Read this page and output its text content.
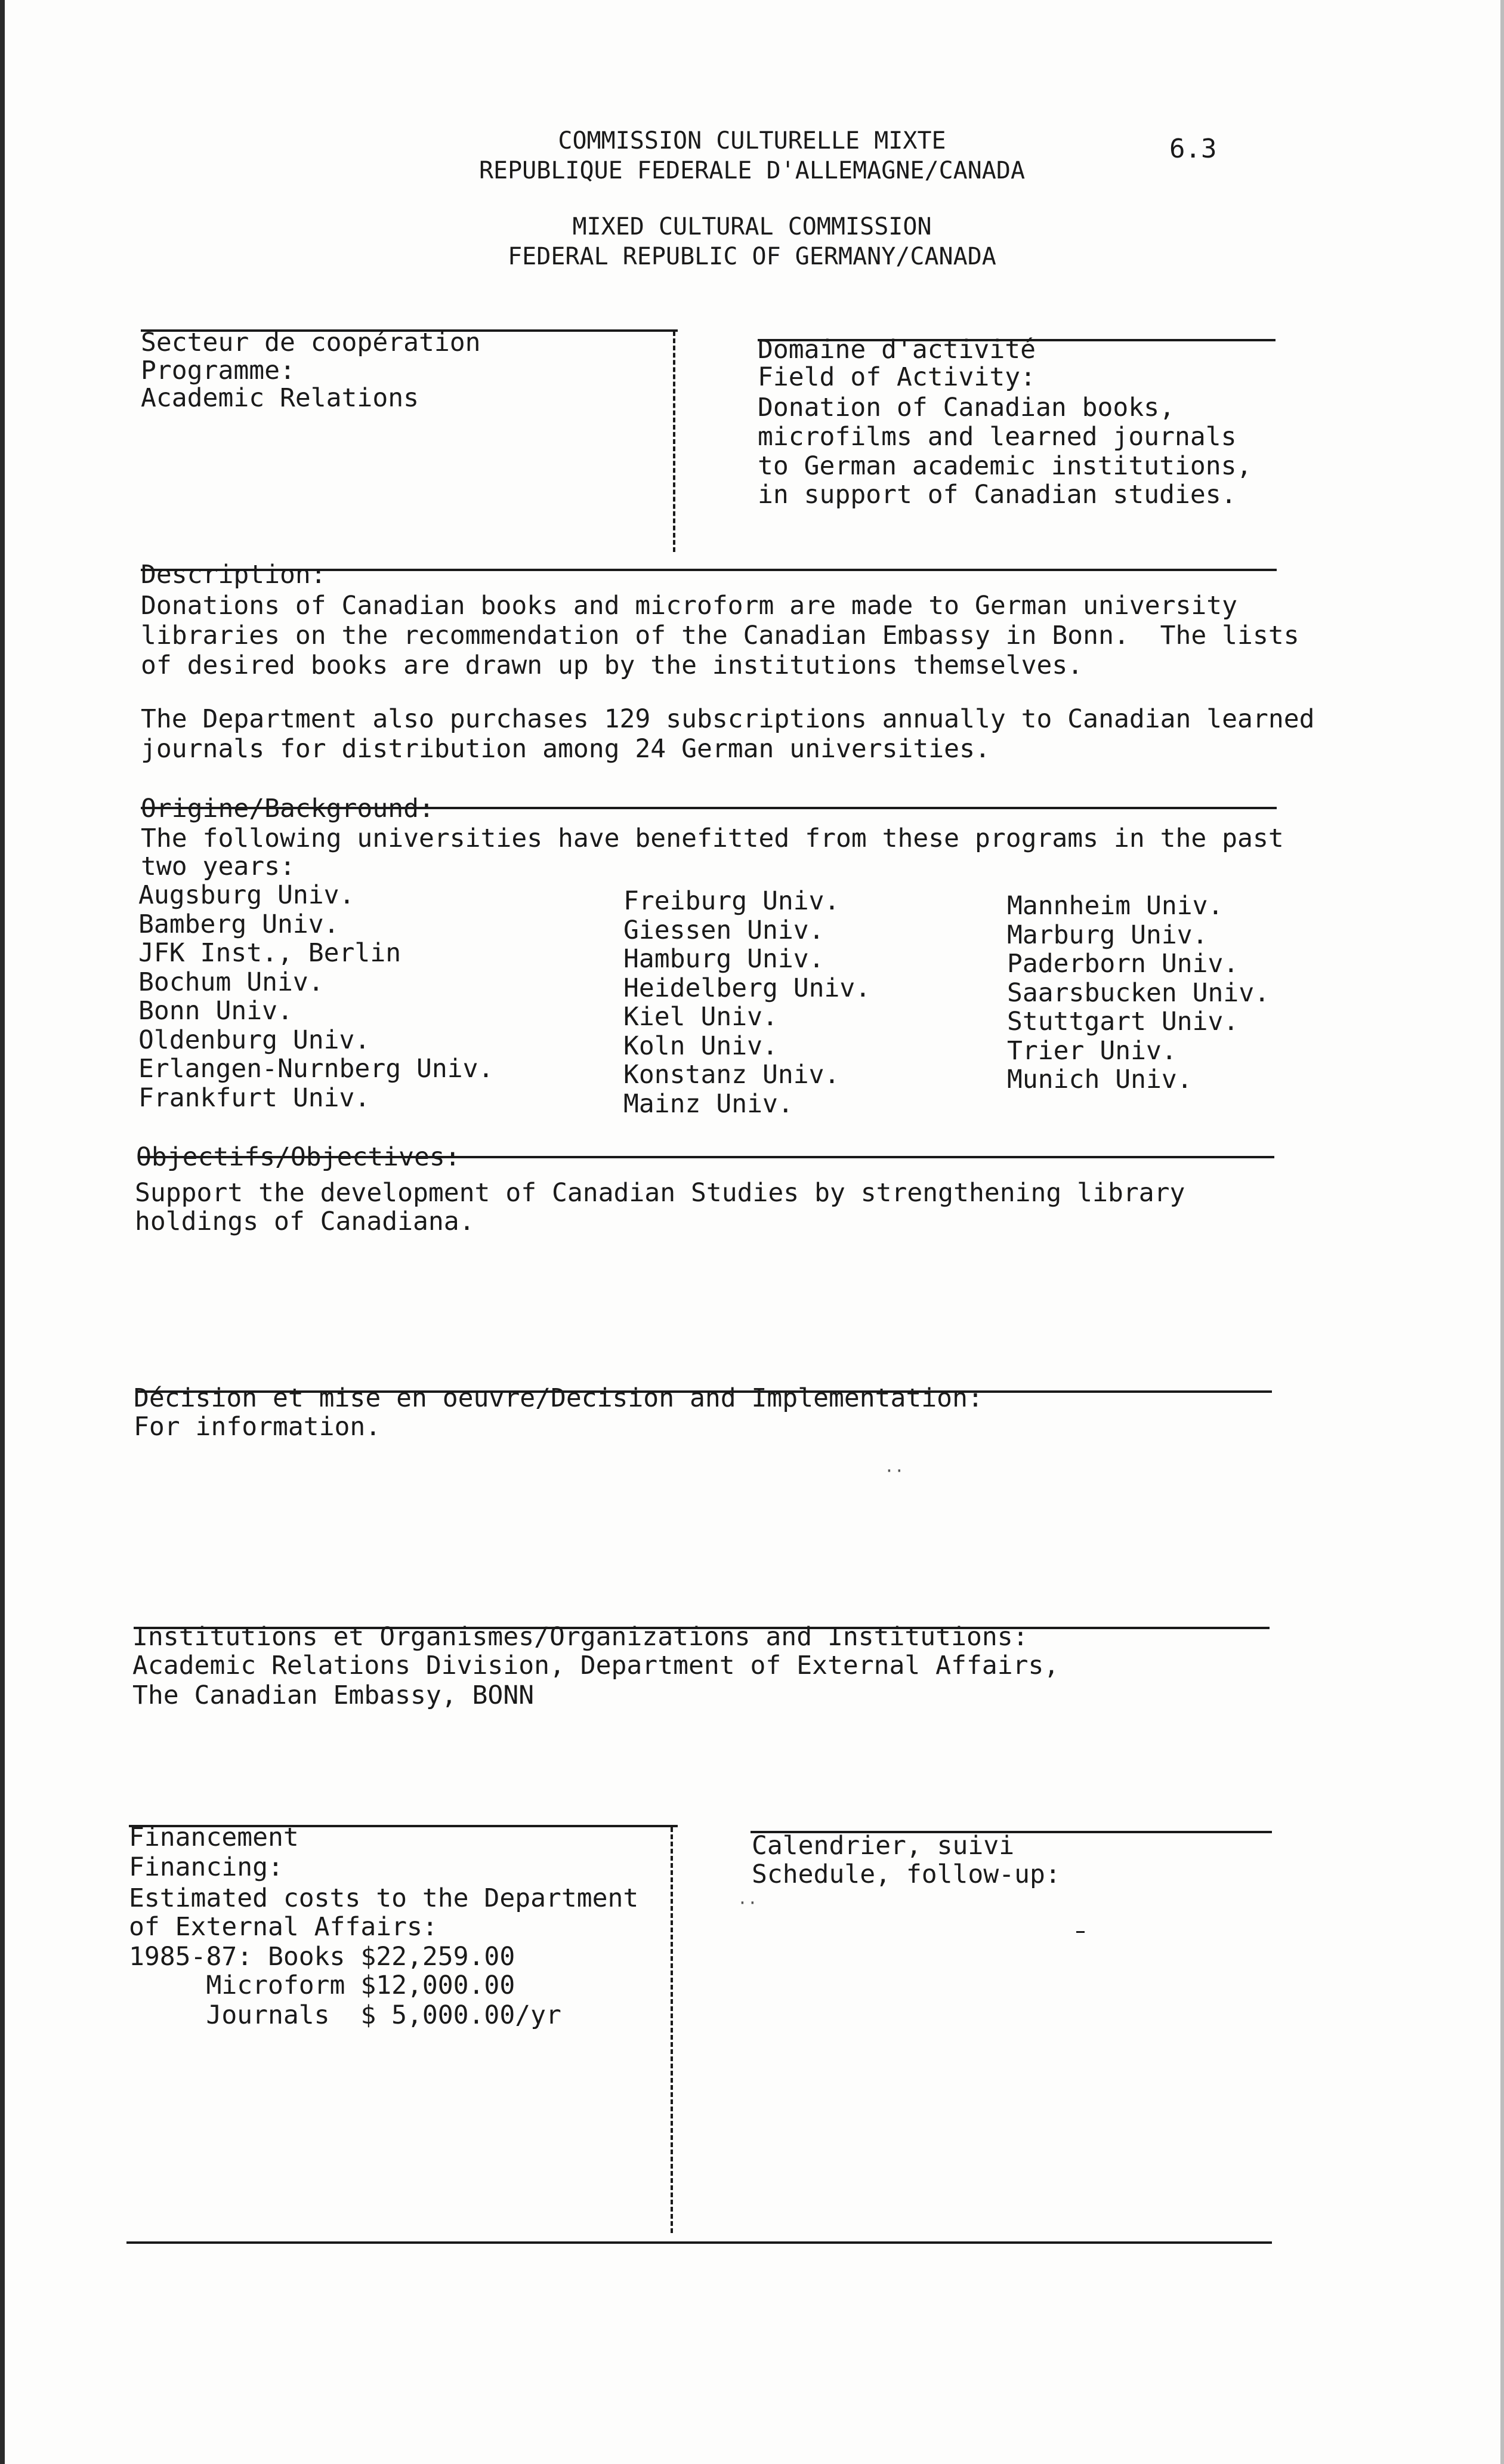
COMMISSION CULTURELLE MIXTE
REPUBLIQUE FEDERALE D'ALLEMAGNE/CANADA
MIXED CULTURAL COMMISSION
FEDERAL REPUBLIC OF GERMANY/CANADA
6.3
Secteur de coopération
Programme:
Academic Relations
Domaine d'activité
Field of Activity:
Donation of Canadian books,
microfilms and learned journals
to German academic institutions,
in support of Canadian studies.
Description:
Donations of Canadian books and microform are made to German university
libraries on the recommendation of the Canadian Embassy in Bonn.  The lists
of desired books are drawn up by the institutions themselves.
The Department also purchases 129 subscriptions annually to Canadian learned
journals for distribution among 24 German universities.
Origine/Background:
The following universities have benefitted from these programs in the past
two years:
Augsburg Univ.
Bamberg Univ.
JFK Inst., Berlin
Bochum Univ.
Bonn Univ.
Oldenburg Univ.
Erlangen-Nurnberg Univ.
Frankfurt Univ.
Freiburg Univ.
Giessen Univ.
Hamburg Univ.
Heidelberg Univ.
Kiel Univ.
Koln Univ.
Konstanz Univ.
Mainz Univ.
Mannheim Univ.
Marburg Univ.
Paderborn Univ.
Saarsbucken Univ.
Stuttgart Univ.
Trier Univ.
Munich Univ.
Objectifs/Objectives:
Support the development of Canadian Studies by strengthening library
holdings of Canadiana.
Décision et mise en oeuvre/Decision and Implementation:
For information.
··
Institutions et Organismes/Organizations and Institutions:
Academic Relations Division, Department of External Affairs,
The Canadian Embassy, BONN
Financement
Financing:
Estimated costs to the Department
of External Affairs:
1985-87: Books $22,259.00
Microform $12,000.00
Journals  $ 5,000.00/yr
Calendrier, suivi
Schedule, follow-up:
··
